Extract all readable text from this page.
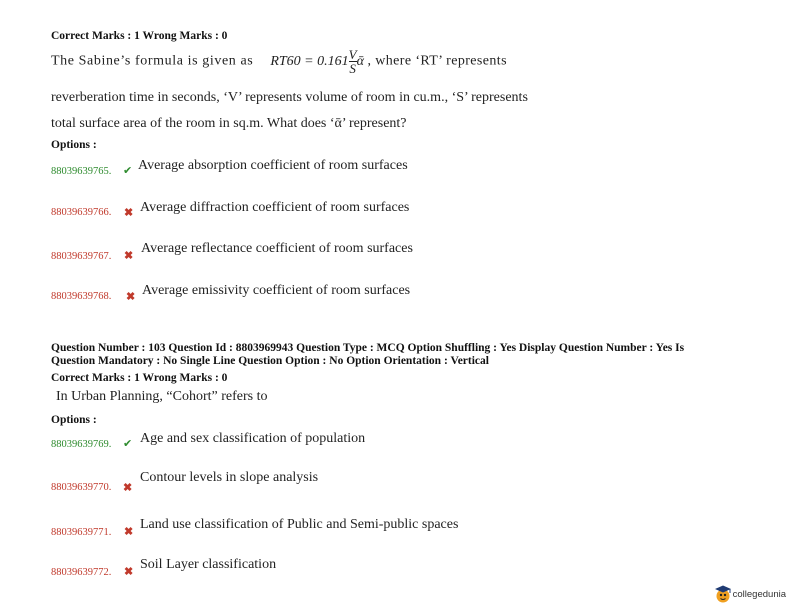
Correct Marks : 1 Wrong Marks : 0
The Sabine’s formula is given as $RT60 = 0.161 \frac{V}{S}$ ᾱ , where ‘RT’ represents
reverberation time in seconds, ‘V’ represents volume of room in cu.m., ‘S’ represents
total surface area of the room in sq.m. What does ‘ᾱ’ represent?
Options :
88039639765. ✔ Average absorption coefficient of room surfaces
88039639766. ✖ Average diffraction coefficient of room surfaces
88039639767. ✖ Average reflectance coefficient of room surfaces
88039639768. ✖ Average emissivity coefficient of room surfaces
Question Number : 103 Question Id : 8803969943 Question Type : MCQ Option Shuffling : Yes Display Question Number : Yes Is
Question Mandatory : No Single Line Question Option : No Option Orientation : Vertical
Correct Marks : 1 Wrong Marks : 0
In Urban Planning, “Cohort” refers to
Options :
88039639769. ✔ Age and sex classification of population
88039639770. ✖
Contour levels in slope analysis
88039639771. ✖ Land use classification of Public and Semi-public spaces
88039639772. ✖ Soil Layer classification
collegedunia
